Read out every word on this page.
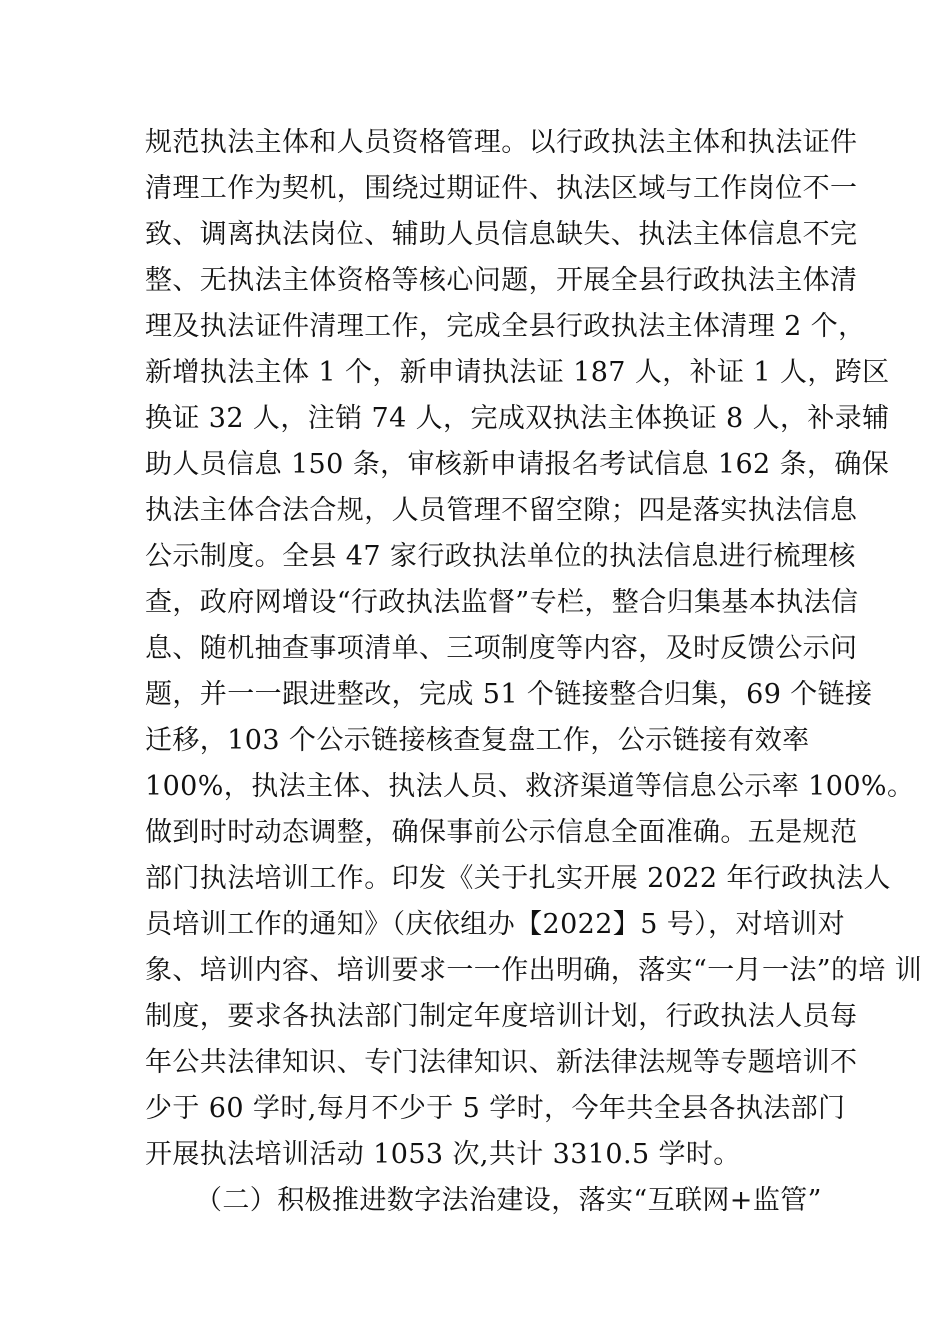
规范执法主体和人员资格管理。以行政执法主体和执法证件
清理工作为契机，围绕过期证件、执法区域与工作岗位不一
致、调离执法岗位、辅助人员信息缺失、执法主体信息不完
整、无执法主体资格等核心问题，开展全县行政执法主体清
理及执法证件清理工作，完成全县行政执法主体清理 2 个，
新增执法主体 1 个，新申请执法证 187 人，补证 1 人，跨区
换证 32 人，注销 74 人，完成双执法主体换证 8 人，补录辅
助人员信息 150 条，审核新申请报名考试信息 162 条，确保
执法主体合法合规，人员管理不留空隙；四是落实执法信息
公示制度。全县 47 家行政执法单位的执法信息进行梳理核
查，政府网增设“行政执法监督”专栏，整合归集基本执法信
息、随机抽查事项清单、三项制度等内容，及时反馈公示问
题，并一一跟进整改，完成 51 个链接整合归集，69 个链接
迁移，103 个公示链接核查复盘工作，公示链接有效率
100%，执法主体、执法人员、救济渠道等信息公示率 100%。
做到时时动态调整，确保事前公示信息全面准确。五是规范
部门执法培训工作。印发《关于扎实开展 2022 年行政执法人
员培训工作的通知》（庆依组办【2022】5 号），对培训对
象、培训内容、培训要求一一作出明确，落实“一月一法”的培 训
制度，要求各执法部门制定年度培训计划，行政执法人员每
年公共法律知识、专门法律知识、新法律法规等专题培训不
少于 60 学时,每月不少于 5 学时，今年共全县各执法部门
开展执法培训活动 1053 次,共计 3310.5 学时。
（二）积极推进数字法治建设，落实“互联网+监管”
